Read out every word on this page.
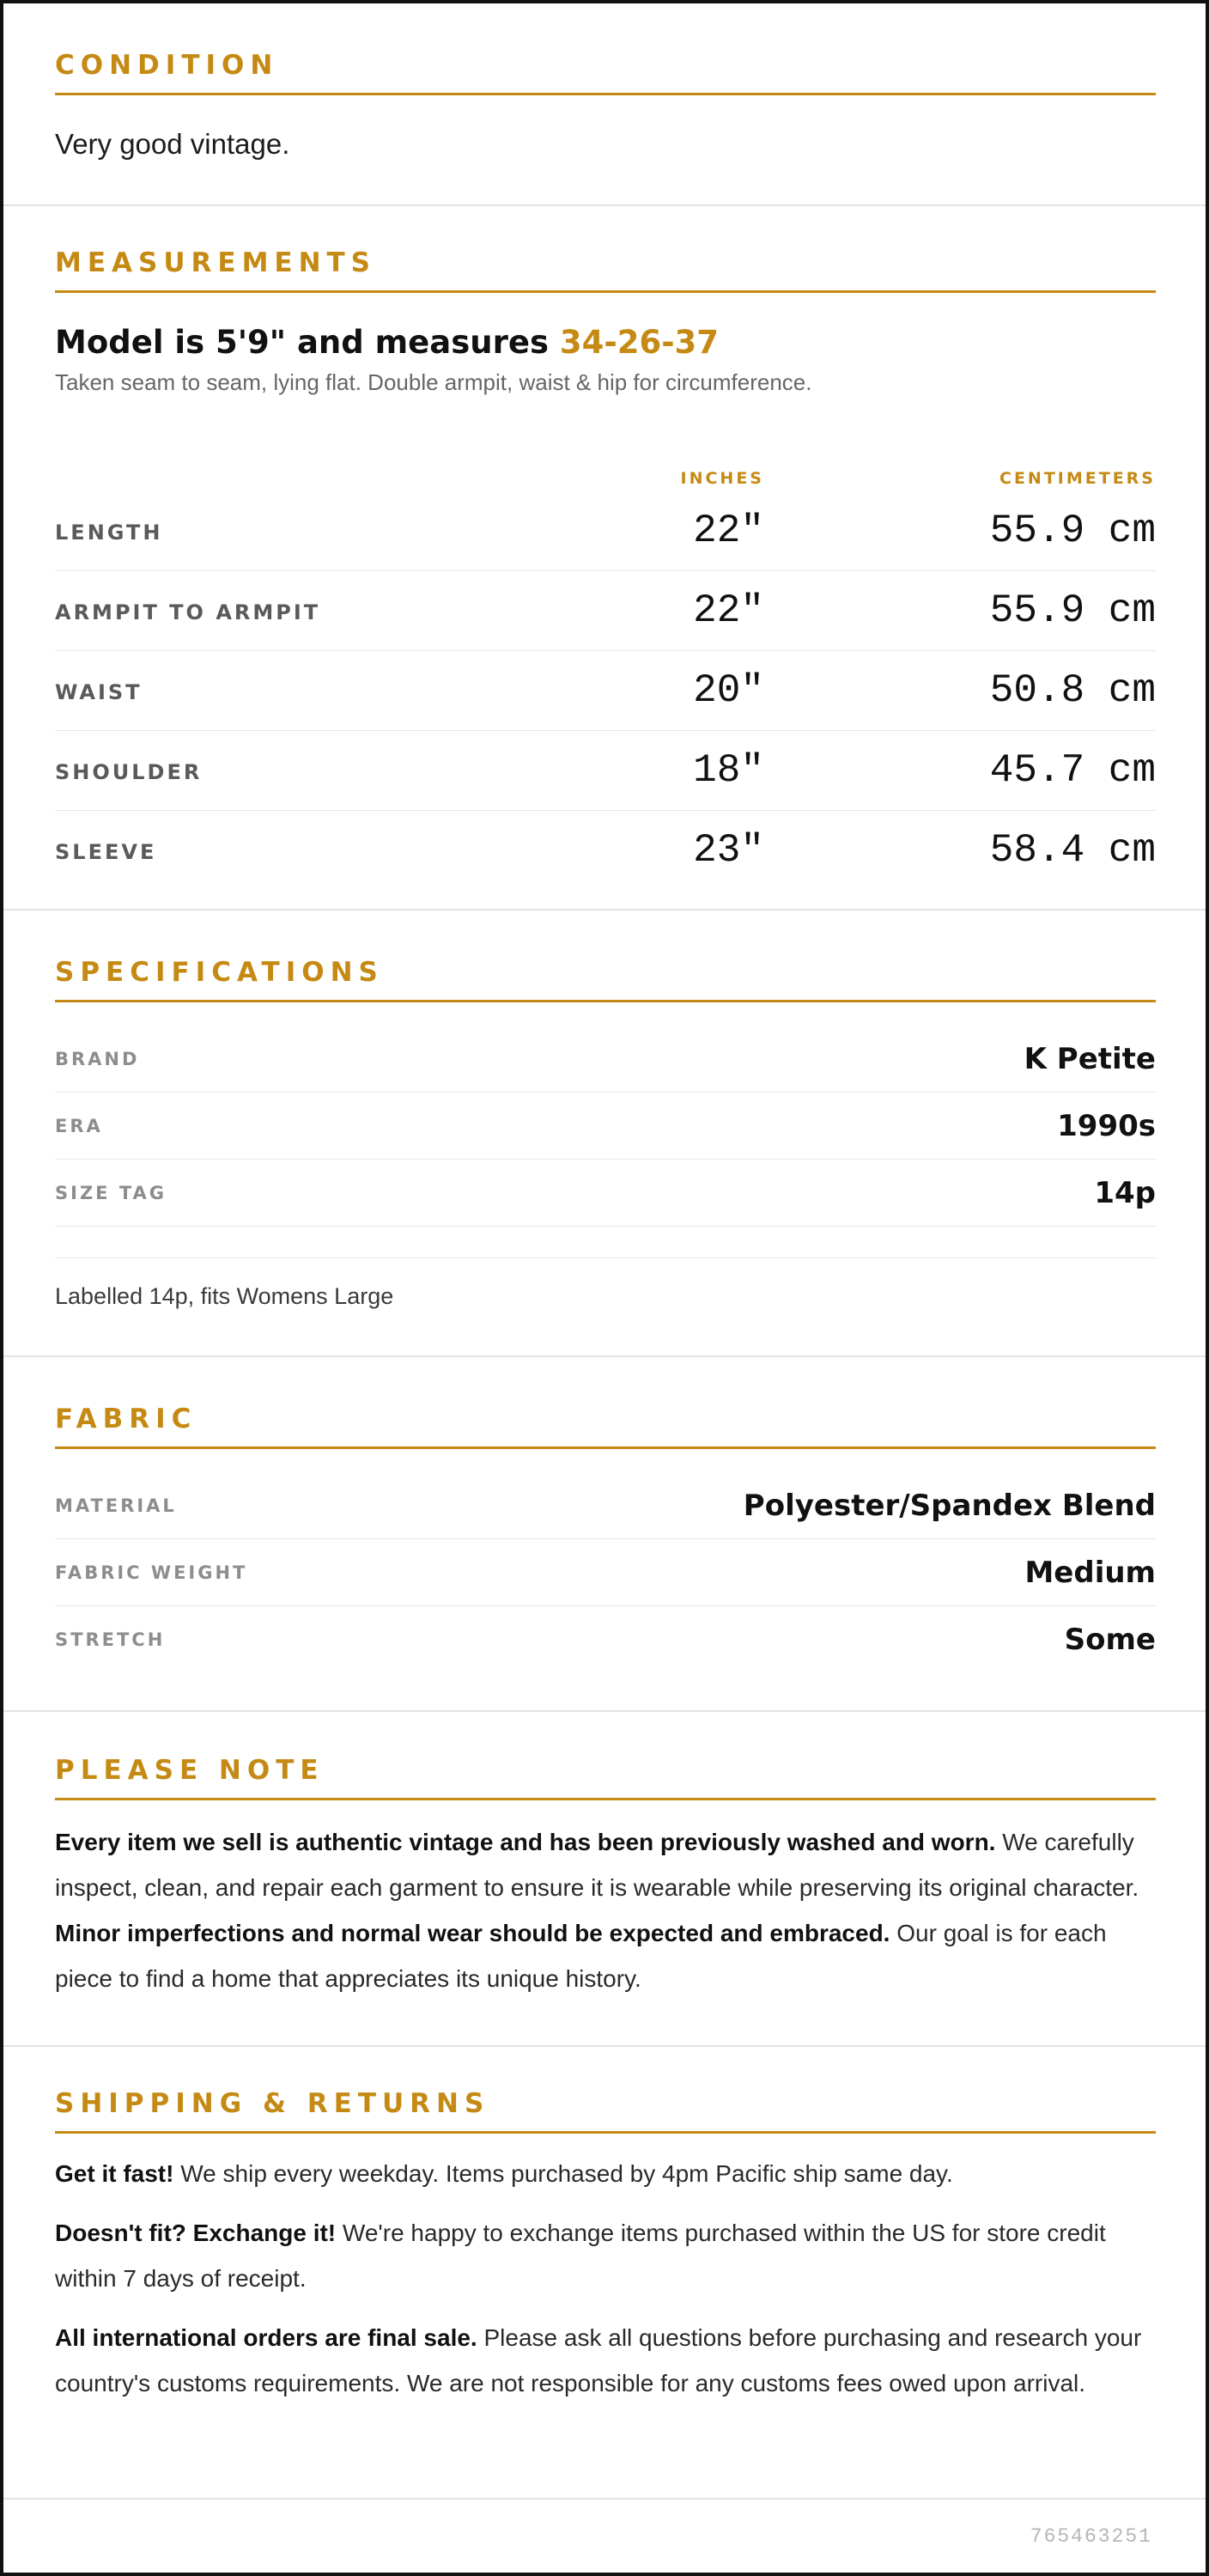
CONDITION
Very good vintage.
MEASUREMENTS
Model is 5'9" and measures 34-26-37
Taken seam to seam, lying flat. Double armpit, waist & hip for circumference.
INCHES	CENTIMETERS
LENGTH	22"	55.9 cm
ARMPIT TO ARMPIT	22"	55.9 cm
WAIST	20"	50.8 cm
SHOULDER	18"	45.7 cm
SLEEVE	23"	58.4 cm
SPECIFICATIONS
BRAND	K Petite
ERA	1990s
SIZE TAG	14p
Labelled 14p, fits Womens Large
FABRIC
MATERIAL	Polyester/Spandex Blend
FABRIC WEIGHT	Medium
STRETCH	Some
PLEASE NOTE

Every item we sell is authentic vintage and has been previously washed and worn. We carefully inspect, clean, and repair each garment to ensure it is wearable while preserving its original character. Minor imperfections and normal wear should be expected and embraced. Our goal is for each piece to find a home that appreciates its unique history.

SHIPPING & RETURNS

Get it fast! We ship every weekday. Items purchased by 4pm Pacific ship same day.

Doesn't fit? Exchange it! We're happy to exchange items purchased within the US for store credit within 7 days of receipt.

All international orders are final sale. Please ask all questions before purchasing and research your country's customs requirements. We are not responsible for any customs fees owed upon arrival.

765463251
